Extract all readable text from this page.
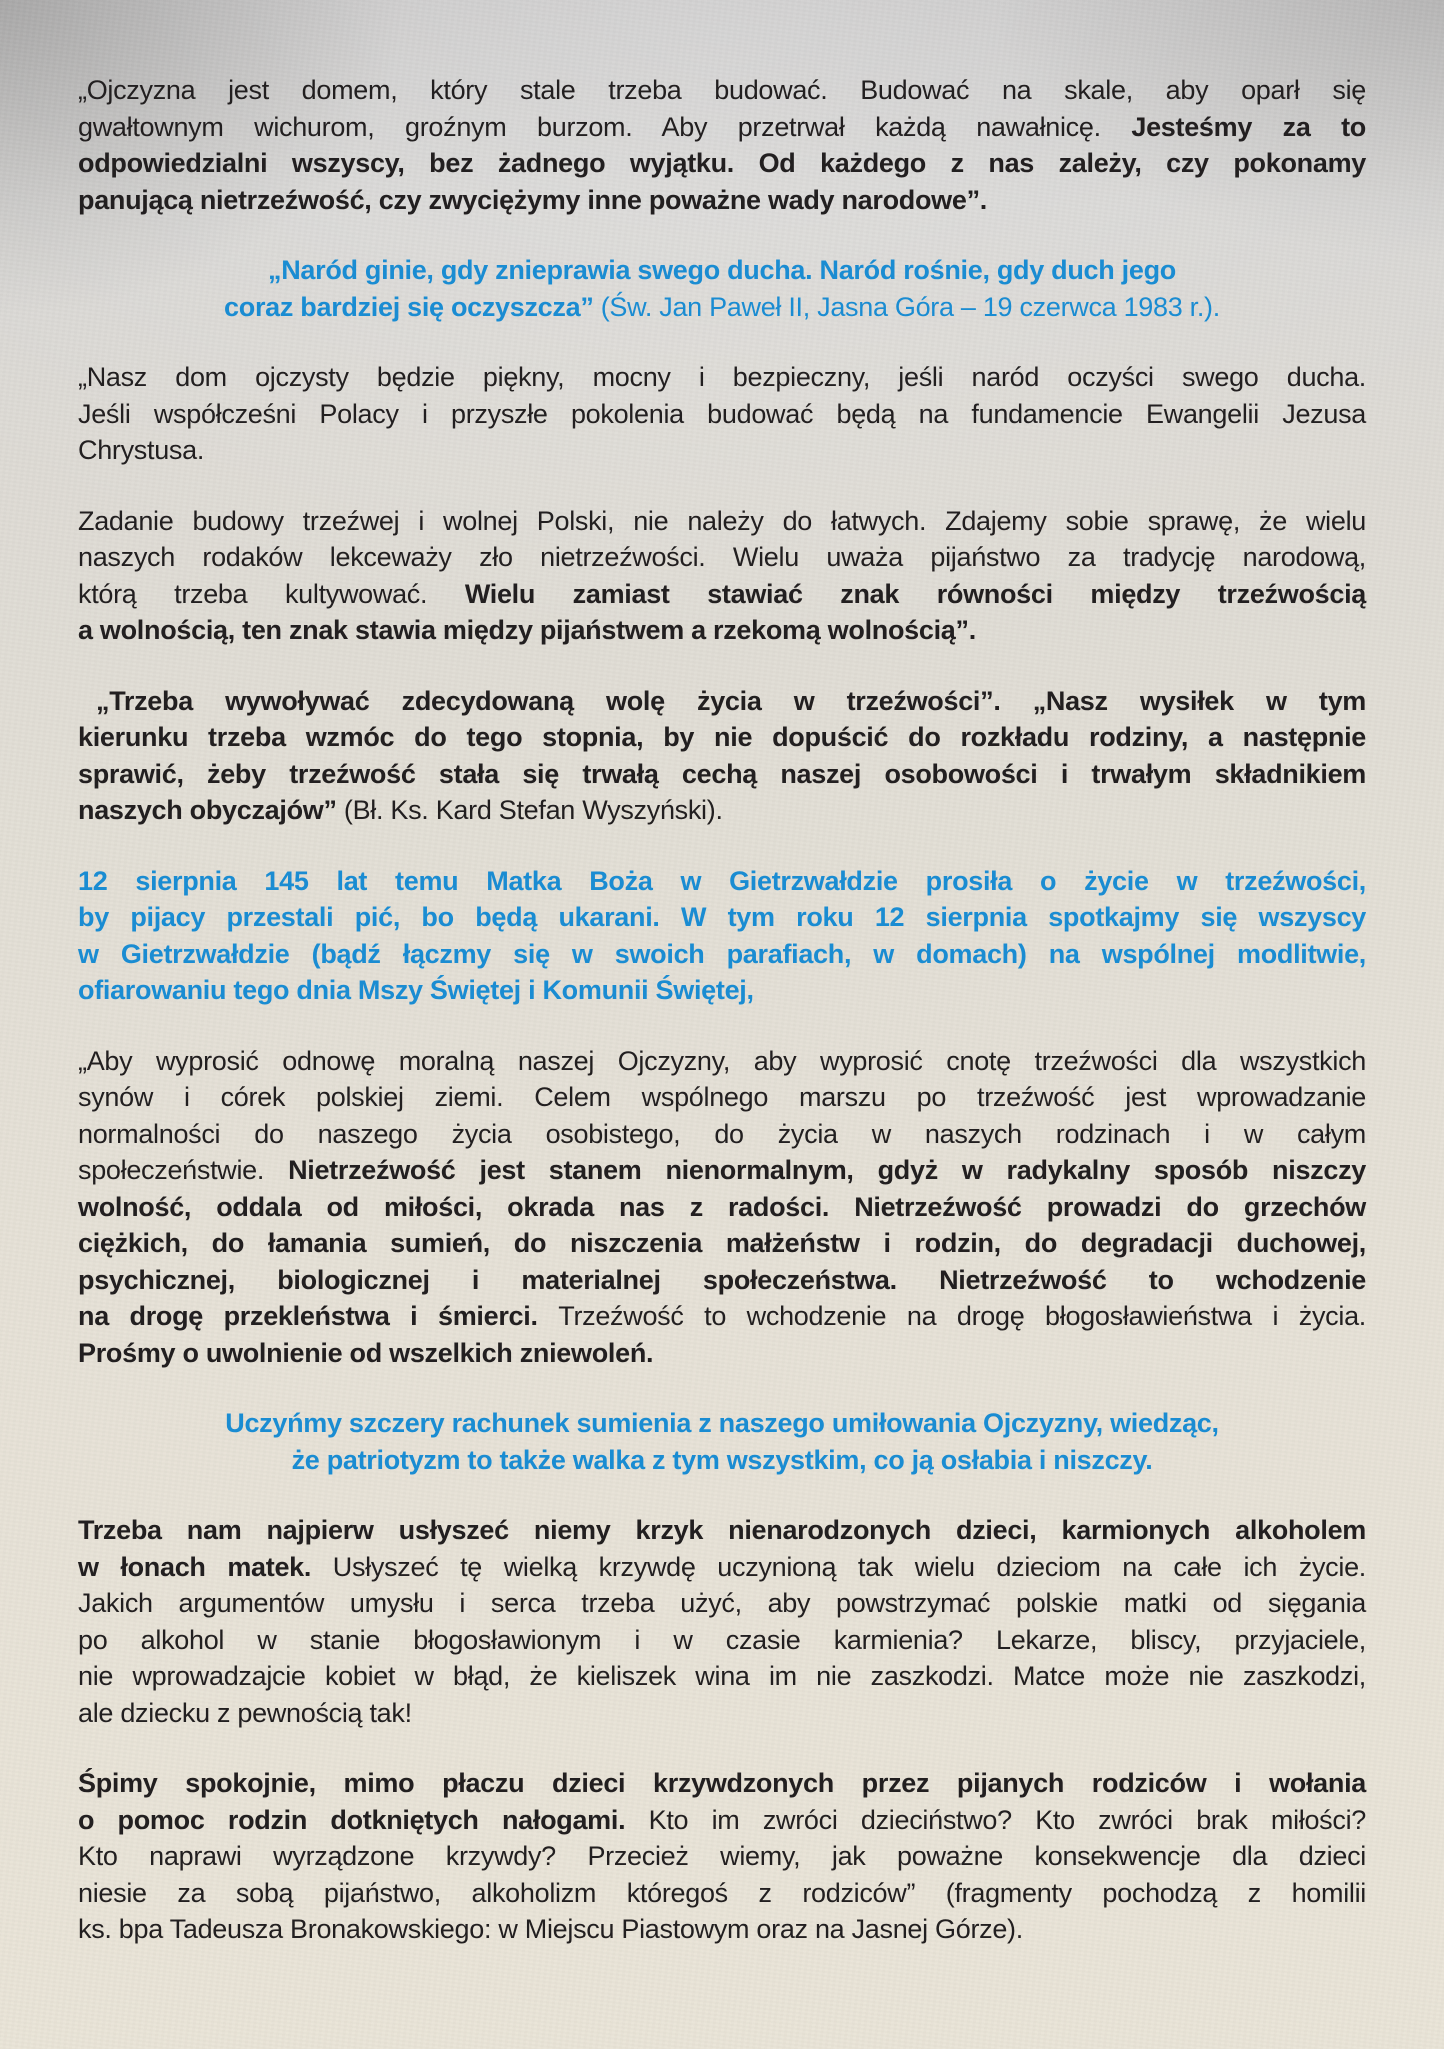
„Ojczyzna jest domem, który stale trzeba budować. Budować na skale, aby oparł się
gwałtownym wichurom, groźnym burzom. Aby przetrwał każdą nawałnicę. Jesteśmy za to
odpowiedzialni wszyscy, bez żadnego wyjątku. Od każdego z nas zależy, czy pokonamy
panującą nietrzeźwość, czy zwyciężymy inne poważne wady narodowe”.
„Naród ginie, gdy znieprawia swego ducha. Naród rośnie, gdy duch jego
coraz bardziej się oczyszcza” (Św. Jan Paweł II, Jasna Góra – 19 czerwca 1983 r.).
„Nasz dom ojczysty będzie piękny, mocny i bezpieczny, jeśli naród oczyści swego ducha.
Jeśli współcześni Polacy i przyszłe pokolenia budować będą na fundamencie Ewangelii Jezusa
Chrystusa.
Zadanie budowy trzeźwej i wolnej Polski, nie należy do łatwych. Zdajemy sobie sprawę, że wielu
naszych rodaków lekceważy zło nietrzeźwości. Wielu uważa pijaństwo za tradycję narodową,
którą trzeba kultywować. Wielu zamiast stawiać znak równości między trzeźwością
a wolnością, ten znak stawia między pijaństwem a rzekomą wolnością”.
„Trzeba wywoływać zdecydowaną wolę życia w trzeźwości”. „Nasz wysiłek w tym
kierunku trzeba wzmóc do tego stopnia, by nie dopuścić do rozkładu rodziny, a następnie
sprawić, żeby trzeźwość stała się trwałą cechą naszej osobowości i trwałym składnikiem
naszych obyczajów” (Bł. Ks. Kard Stefan Wyszyński).
12 sierpnia 145 lat temu Matka Boża w Gietrzwałdzie prosiła o życie w trzeźwości,
by pijacy przestali pić, bo będą ukarani. W tym roku 12 sierpnia spotkajmy się wszyscy
w Gietrzwałdzie (bądź łączmy się w swoich parafiach, w domach) na wspólnej modlitwie,
ofiarowaniu tego dnia Mszy Świętej i Komunii Świętej,
„Aby wyprosić odnowę moralną naszej Ojczyzny, aby wyprosić cnotę trzeźwości dla wszystkich
synów i córek polskiej ziemi. Celem wspólnego marszu po trzeźwość jest wprowadzanie
normalności do naszego życia osobistego, do życia w naszych rodzinach i w całym
społeczeństwie. Nietrzeźwość jest stanem nienormalnym, gdyż w radykalny sposób niszczy
wolność, oddala od miłości, okrada nas z radości. Nietrzeźwość prowadzi do grzechów
ciężkich, do łamania sumień, do niszczenia małżeństw i rodzin, do degradacji duchowej,
psychicznej, biologicznej i materialnej społeczeństwa. Nietrzeźwość to wchodzenie
na drogę przekleństwa i śmierci. Trzeźwość to wchodzenie na drogę błogosławieństwa i życia.
Prośmy o uwolnienie od wszelkich zniewoleń.
Uczyńmy szczery rachunek sumienia z naszego umiłowania Ojczyzny, wiedząc,
że patriotyzm to także walka z tym wszystkim, co ją osłabia i niszczy.
Trzeba nam najpierw usłyszeć niemy krzyk nienarodzonych dzieci, karmionych alkoholem
w łonach matek. Usłyszeć tę wielką krzywdę uczynioną tak wielu dzieciom na całe ich życie.
Jakich argumentów umysłu i serca trzeba użyć, aby powstrzymać polskie matki od sięgania
po alkohol w stanie błogosławionym i w czasie karmienia? Lekarze, bliscy, przyjaciele,
nie wprowadzajcie kobiet w błąd, że kieliszek wina im nie zaszkodzi. Matce może nie zaszkodzi,
ale dziecku z pewnością tak!
Śpimy spokojnie, mimo płaczu dzieci krzywdzonych przez pijanych rodziców i wołania
o pomoc rodzin dotkniętych nałogami. Kto im zwróci dzieciństwo? Kto zwróci brak miłości?
Kto naprawi wyrządzone krzywdy? Przecież wiemy, jak poważne konsekwencje dla dzieci
niesie za sobą pijaństwo, alkoholizm któregoś z rodziców” (fragmenty pochodzą z homilii
ks. bpa Tadeusza Bronakowskiego: w Miejscu Piastowym oraz na Jasnej Górze).
